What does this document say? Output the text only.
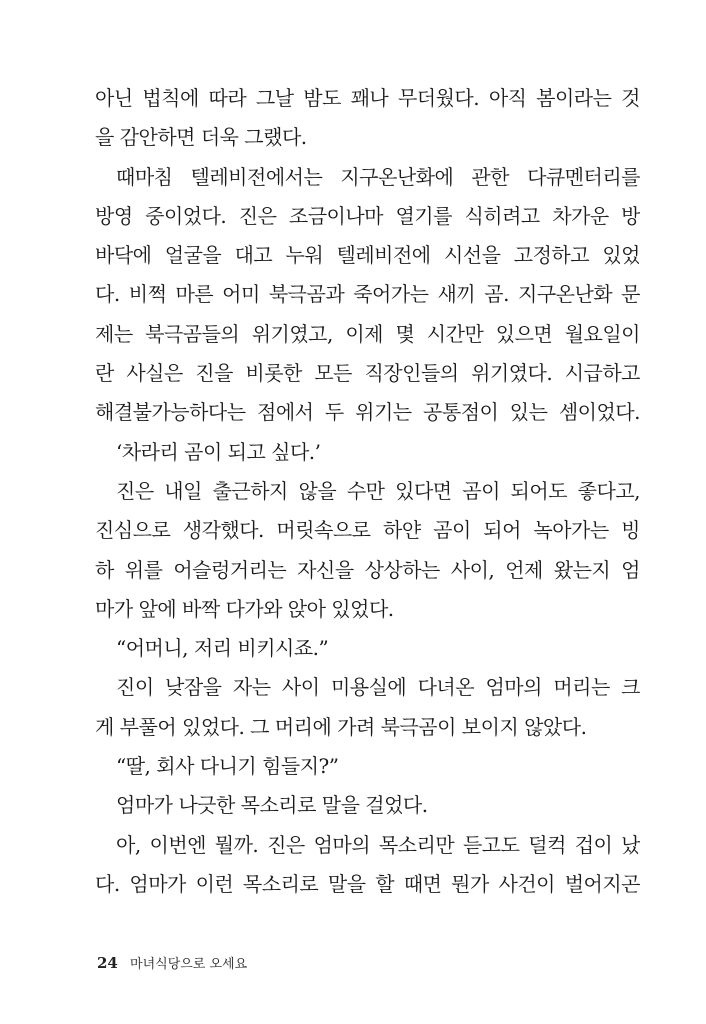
아닌 법칙에 따라 그날 밤도 꽤나 무더웠다. 아직 봄이라는 것
을 감안하면 더욱 그랬다.
때마침 텔레비전에서는 지구온난화에 관한 다큐멘터리를
방영 중이었다. 진은 조금이나마 열기를 식히려고 차가운 방
바닥에 얼굴을 대고 누워 텔레비전에 시선을 고정하고 있었
다. 비쩍 마른 어미 북극곰과 죽어가는 새끼 곰. 지구온난화 문
제는 북극곰들의 위기였고, 이제 몇 시간만 있으면 월요일이
란 사실은 진을 비롯한 모든 직장인들의 위기였다. 시급하고
해결불가능하다는 점에서 두 위기는 공통점이 있는 셈이었다.
‘차라리 곰이 되고 싶다.’
진은 내일 출근하지 않을 수만 있다면 곰이 되어도 좋다고,
진심으로 생각했다. 머릿속으로 하얀 곰이 되어 녹아가는 빙
하 위를 어슬렁거리는 자신을 상상하는 사이, 언제 왔는지 엄
마가 앞에 바짝 다가와 앉아 있었다.
“어머니, 저리 비키시죠.”
진이 낮잠을 자는 사이 미용실에 다녀온 엄마의 머리는 크
게 부풀어 있었다. 그 머리에 가려 북극곰이 보이지 않았다.
“딸, 회사 다니기 힘들지?”
엄마가 나긋한 목소리로 말을 걸었다.
아, 이번엔 뭘까. 진은 엄마의 목소리만 듣고도 덜컥 겁이 났
다. 엄마가 이런 목소리로 말을 할 때면 뭔가 사건이 벌어지곤
24 마녀식당으로 오세요
